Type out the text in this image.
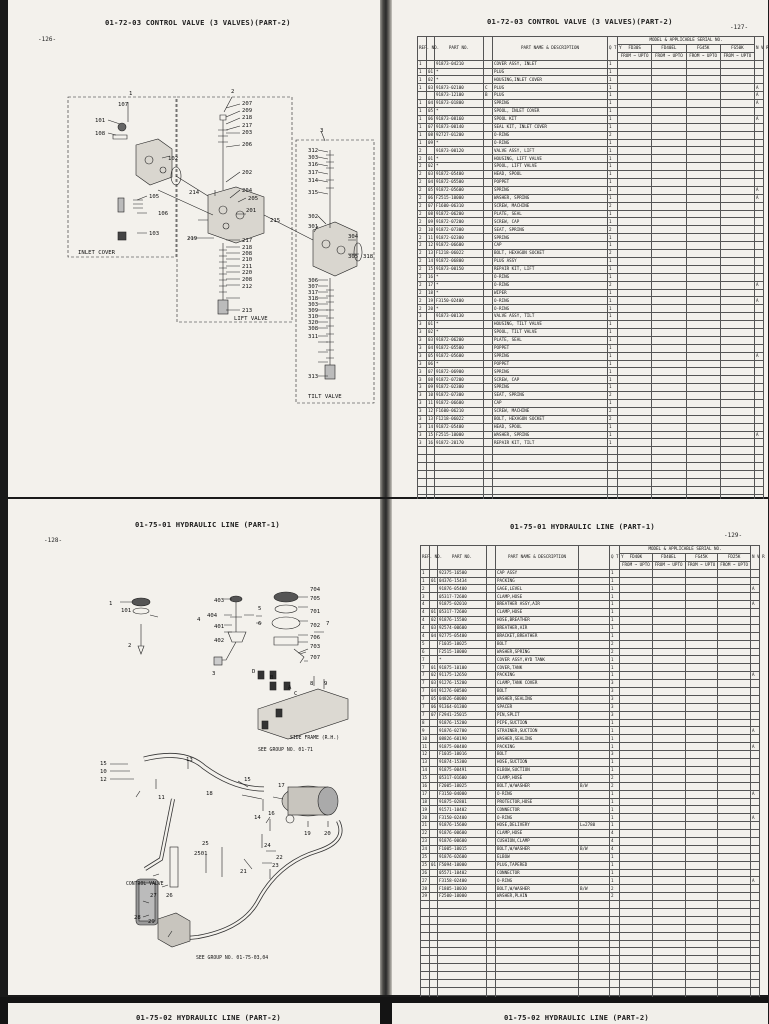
01-72-03 CONTROL VALVE (3 VALVES)(PART-2)
-126-
1	2
3
107
101
108
102
105
106
103
INLET COVER
207
209
218
217
203
206
202
204
205
201
215
214
219	217
218
208
210
211
220
208
212
213
LIFT VALVE
312
303
316
317
314
315
302
301
304
305 318
306
307
317
318
303
309
310
320
308
311
313
TILT VALVE
01-72-03 CONTROL VALVE (3 VALVES)(PART-2)
-127-
REF. NO.		PART NO.		PART NAME & DESCRIPTION	Q T Y	MODEL & APPLICABLE SERIAL NO.				N V R
						FD30S	FD40EL	FG45K	FG50K	
						FROM ~ UPTO	FROM ~ UPTO	FROM ~ UPTO	FROM ~ UPTO	
1		91873-04210		COVER ASSY, INLET	1					
1	01	*		PLUG	1					
1	02	*		HOUSING,INLET COVER	1					
1	03	91873-02100	C	PLUG	1					A
		91873-12100	B	PLUG	1					A
1	04	91873-01800		SPRING	1					A
1	05	*		SPOOL, INLET COVER	1					
1	06	91873-08160		SPOOL KIT	1					A
1	07	91873-00140		SEAL KIT, INLET COVER	1					
1	08	92727-01200		O-RING	2					
1	09	*		O-RING	1					
2		91873-00120		VALVE ASSY, LIFT	1					
2	01	*		HOUSING, LIFT VALVE	1					
2	02	*		SPOOL, LIFT VALVE	1					
2	03	91872-05400		HEAD, SPOOL	1					
2	04	91872-05500		POPPET	1					
2	05	91872-05600		SPRING	1					A
2	06	F2515-10000		WASHER, SPRING	1					A
2	07	F1600-06310		SCREW, MACHINE	2					
2	08	91872-06200		PLATE, SEAL	1					
2	09	91872-07200		SCREW, CAP	1					
2	10	91872-07300		SEAT, SPRING	2					
2	11	91872-02300		SPRING	1					
2	12	91872-06600		CAP	1					
2	13	F1218-06022		BOLT, HEXAGON SOCKET	2					
2	14	91872-06800		PLUG ASSY	1					
2	15	91873-00150		REPAIR KIT, LIFT	1					
2	16	*		O-RING	1					
2	17	*		O-RING	2					A
2	18	*		WIPER	1					
2	19	F3150-02400		O-RING	1					A
2	20	*		O-RING	1					
3		91873-00130		VALVE ASSY, TILT	1					
3	01	*		HOUSING, TILT VALVE	1					
3	02	*		SPOOL, TILT VALVE	1					
3	03	91872-06200		PLATE, SEAL	1					
3	04	91872-05500		POPPET	1					
3	05	91872-05600		SPRING	1					A
3	06	*		POPPET	1					
3	07	91872-06900		SPRING	1					
3	08	91872-07200		SCREW, CAP	1					
3	09	91872-02300		SPRING	1					
3	10	91872-07300		SEAT, SPRING	2					
3	11	91872-06600		CAP	1					
3	12	F1600-06210		SCREW, MACHINE	2					
3	13	F1218-06022		BOLT, HEXAGON SOCKET	2					
3	14	91872-05400		HEAD, SPOOL	1					
3	15	F2515-10000		WASHER, SPRING	1					A
3	16	91872-20170		REPAIR KIT, TILT	1					

01-75-01 HYDRAULIC LINE (PART-1)
-128-
1
101
2
403
404
4
401
402
5
6
3
704
705
701
702 7
706
703
707
D
B
A
C
8 9
SIDE FRAME (R.H.)
SEE GROUP NO. 01-71
15
10
12
11
13
15
17
16
18
14
19 20
22
23
24
21
25
2501
CONTROL VALVE
27 26
28
29
SEE GROUP NO. 01-75-03,04
01-75-01 HYDRAULIC LINE (PART-1)
-129-
REF. NO.		PART NO.		PART NAME & DESCRIPTION		Q T Y	MODEL & APPLICABLE SERIAL NO.				N V R
							FD40K	FD40EL	FG45K	FD25K	
							FROM ~ UPTO	FROM ~ UPTO	FROM ~ UPTO	FROM ~ UPTO	
1		92375-16500		CAP ASSY		1					
1	01	04376-15434		PACKING		1					
2		91876-05400		GAGE,LEVEL		1					A
3		05317-72600		CLAMP,HOSE		1					
4		91875-02010		BREATHER ASSY,AIR		1					A
4	01	05317-72600		CLAMP,HOSE		1					
4	02	91876-15500		HOSE,BREATHER		1					
4	03	92574-00600		BREATHER,AIR		1					
4	04	92775-05400		BRACKET,BREATHER		1					
5		F1035-10025		BOLT		2					
6		F2515-10000		WASHER,SPRING		2					
7		*		COVER ASSY,HYD TANK		1					
7	01	91875-10100		COVER,TANK		1					
7	02	91175-12650		PACKING		1					A
7	03	91276-15200		CLAMP,TANK COVER		3					
7	04	91276-00500		BOLT		3					
7	05	04826-60080		WASHER,SEALING		3					
7	06	91364-01300		SPACER		3					
7	07	F2941-25015		PIN,SPLIT		3					
8		91876-15200		PIPE,SUCTION		1					
9		91876-02700		STRAINER,SUCTION		1					A
10		08826-60190		WASHER,SEALING		1					
11		91875-00400		PACKING		1					A
12		F1035-10016		BOLT		3					
13		91874-15300		HOSE,SUCTION		1					
14		91875-00491		ELBOW,SUCTION		1					
15		05317-01600		CLAMP,HOSE		2					
16		F2005-10025		BOLT,W/WASHER	B/W	2					
17		F3150-04000		O-RING		1					A
18		91875-02801		PROTECTOR,HOSE		1					
19		91571-10402		CONNECTOR		1					
20		F3150-02400		O-RING		1					A
21		91876-15600		HOSE,DELIVERY	L=2780	1					
22		91876-00600		CLAMP,HOSE		4					
23		91876-00600		CUSHION,CLAMP		4					
24		F1005-10015		BOLT,W/WASHER	B/W	4					
25		91876-02600		ELBOW		1					
25	01	F5094-10000		PLUG,TAPERED		1					
26		05571-10402		CONNECTOR		1					
27		F3158-02400		O-RING		1					A
28		F1805-10030		BOLT,W/WASHER	B/W	2					
29		F2500-10000		WASHER,PLAIN		2					

01-75-02 HYDRAULIC LINE (PART-2)	01-75-02 HYDRAULIC LINE (PART-2)
